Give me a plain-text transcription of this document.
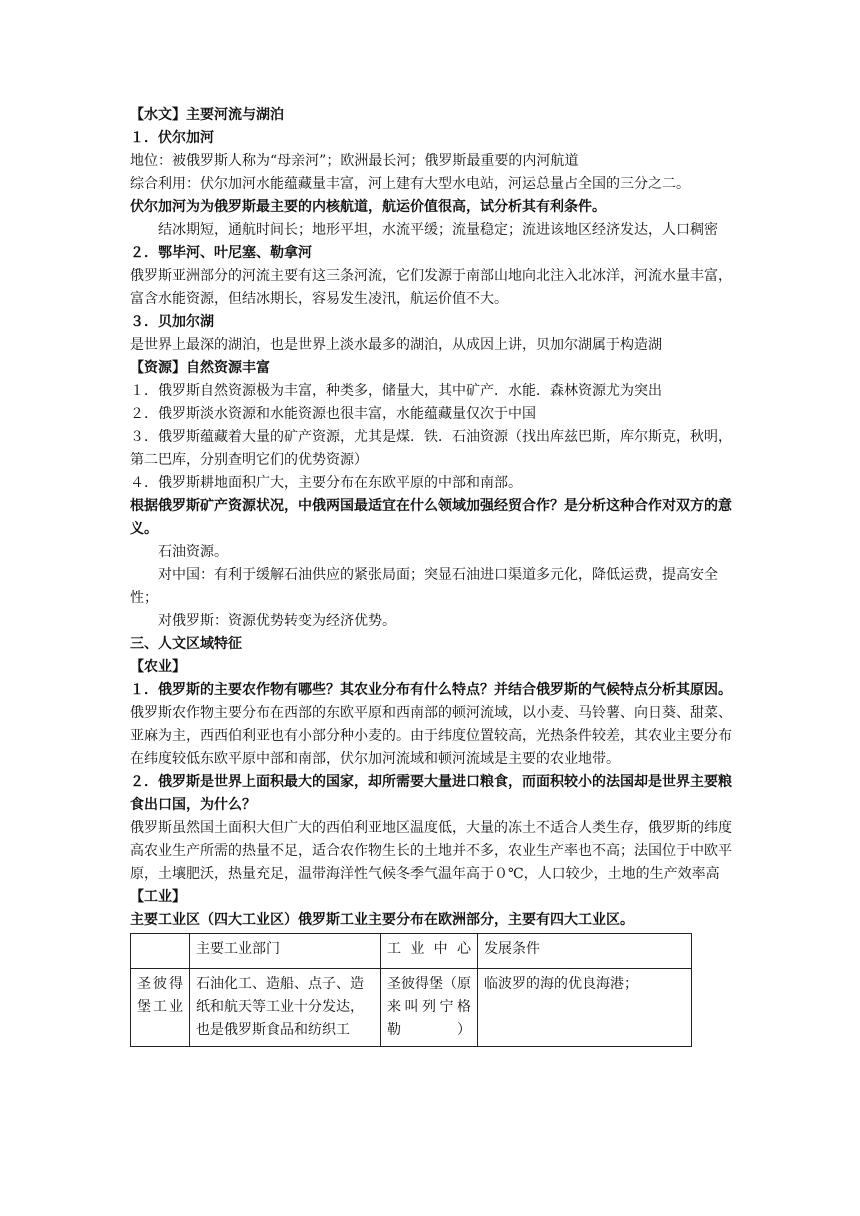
【水文】主要河流与湖泊

１．伏尔加河

地位：被俄罗斯人称为“母亲河”；欧洲最长河；俄罗斯最重要的内河航道

综合利用：伏尔加河水能蕴藏量丰富，河上建有大型水电站，河运总量占全国的三分之二。

伏尔加河为为俄罗斯最主要的内核航道，航运价值很高，试分析其有利条件。

结冰期短，通航时间长；地形平坦，水流平缓；流量稳定；流进该地区经济发达，人口稠密

２．鄂毕河、叶尼塞、勒拿河

俄罗斯亚洲部分的河流主要有这三条河流，它们发源于南部山地向北注入北冰洋，河流水量丰富，富含水能资源，但结冰期长，容易发生凌汛，航运价值不大。

３．贝加尔湖

是世界上最深的湖泊，也是世界上淡水最多的湖泊，从成因上讲，贝加尔湖属于构造湖

【资源】自然资源丰富

１．俄罗斯自然资源极为丰富，种类多，储量大，其中矿产．水能．森林资源尤为突出

２．俄罗斯淡水资源和水能资源也很丰富，水能蕴藏量仅次于中国

３．俄罗斯蕴藏着大量的矿产资源，尤其是煤．铁．石油资源（找出库兹巴斯，库尔斯克，秋明，第二巴库，分别查明它们的优势资源）

４．俄罗斯耕地面积广大，主要分布在东欧平原的中部和南部。

根据俄罗斯矿产资源状况，中俄两国最适宜在什么领域加强经贸合作？是分析这种合作对双方的意义。

石油资源。

对中国：有利于缓解石油供应的紧张局面；突显石油进口渠道多元化，降低运费，提高安全性；

对俄罗斯：资源优势转变为经济优势。

三、人文区域特征

【农业】

１．俄罗斯的主要农作物有哪些？其农业分布有什么特点？并结合俄罗斯的气候特点分析其原因。

俄罗斯农作物主要分布在西部的东欧平原和西南部的顿河流域，以小麦、马铃薯、向日葵、甜菜、亚麻为主，西西伯利亚也有小部分种小麦的。由于纬度位置较高，光热条件较差，其农业主要分布在纬度较低东欧平原中部和南部，伏尔加河流域和顿河流域是主要的农业地带。

２．俄罗斯是世界上面积最大的国家，却所需要大量进口粮食，而面积较小的法国却是世界主要粮食出口国，为什么？

俄罗斯虽然国土面积大但广大的西伯利亚地区温度低，大量的冻土不适合人类生存，俄罗斯的纬度高农业生产所需的热量不足，适合农作物生长的土地并不多，农业生产率也不高；法国位于中欧平原，土壤肥沃，热量充足，温带海洋性气候冬季气温年高于０℃，人口较少，土地的生产效率高

【工业】

主要工业区（四大工业区）俄罗斯工业主要分布在欧洲部分，主要有四大工业区。

	主要工业部门	工业中心	发展条件
圣彼得堡工业	石油化工、造船、点子、造纸和航天等工业十分发达，也是俄罗斯食品和纺织工	圣彼得堡（原来叫列宁格勒）	临波罗的海的优良海港；
